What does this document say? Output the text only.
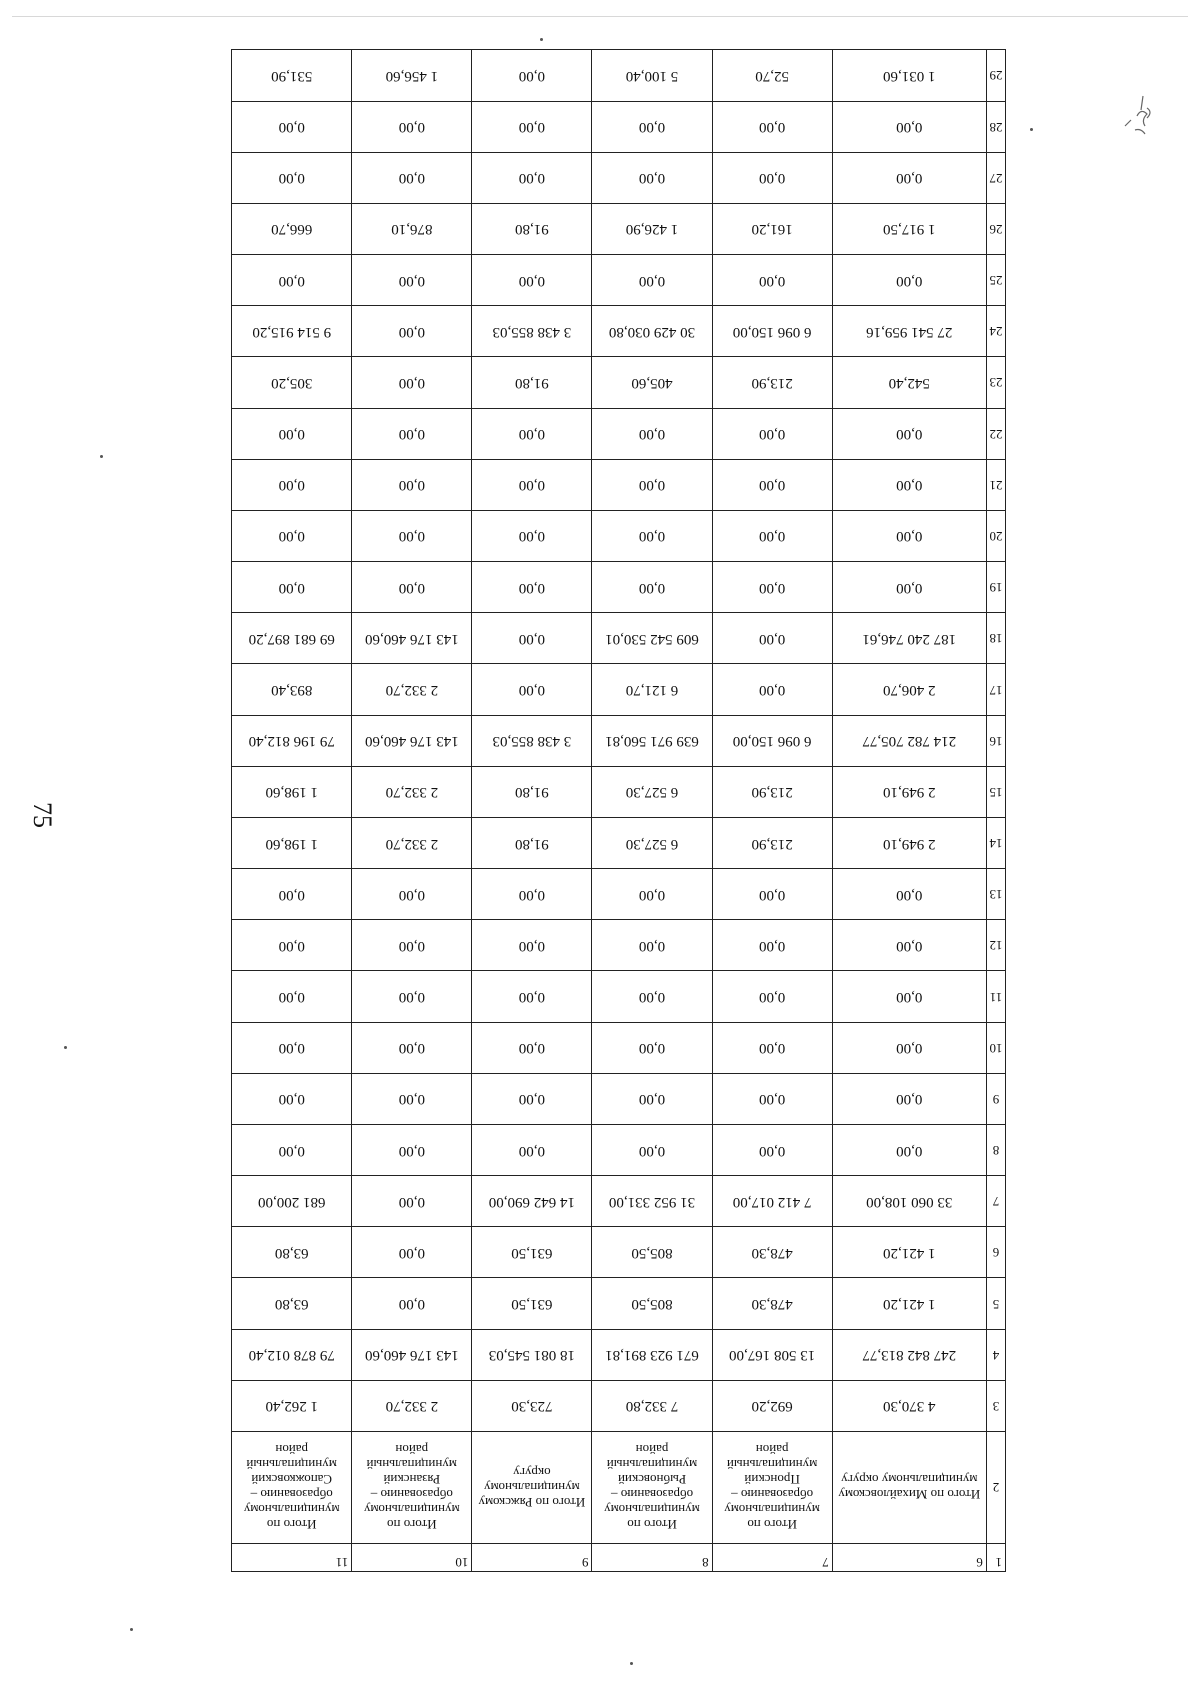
75
1	6	7	8	9	10	11
2	Итого по Михайловскому муниципальному округу	Итого по муниципальному образованию – Пронский муниципальный район	Итого по муниципальному образованию – Рыбновский муниципальный район	Итого по Ряжскому муниципальному округу	Итого по муниципальному образованию – Рязанский муниципальный район	Итого по муниципальному образованию – Сапожковский муниципальный район
3	4 370,30	692,20	7 332,80	723,30	2 332,70	1 262,40
4	247 842 813,77	13 508 167,00	671 923 891,81	18 081 545,03	143 176 460,60	79 878 012,40
5	1 421,20	478,30	805,50	631,50	0,00	63,80
6	1 421,20	478,30	805,50	631,50	0,00	63,80
7	33 060 108,00	7 412 017,00	31 952 331,00	14 642 690,00	0,00	681 200,00
8	0,00	0,00	0,00	0,00	0,00	0,00
9	0,00	0,00	0,00	0,00	0,00	0,00
10	0,00	0,00	0,00	0,00	0,00	0,00
11	0,00	0,00	0,00	0,00	0,00	0,00
12	0,00	0,00	0,00	0,00	0,00	0,00
13	0,00	0,00	0,00	0,00	0,00	0,00
14	2 949,10	213,90	6 527,30	91,80	2 332,70	1 198,60
15	2 949,10	213,90	6 527,30	91,80	2 332,70	1 198,60
16	214 782 705,77	6 096 150,00	639 971 560,81	3 438 855,03	143 176 460,60	79 196 812,40
17	2 406,70	0,00	6 121,70	0,00	2 332,70	893,40
18	187 240 746,61	0,00	609 542 530,01	0,00	143 176 460,60	69 681 897,20
19	0,00	0,00	0,00	0,00	0,00	0,00
20	0,00	0,00	0,00	0,00	0,00	0,00
21	0,00	0,00	0,00	0,00	0,00	0,00
22	0,00	0,00	0,00	0,00	0,00	0,00
23	542,40	213,90	405,60	91,80	0,00	305,20
24	27 541 959,16	6 096 150,00	30 429 030,80	3 438 855,03	0,00	9 514 915,20
25	0,00	0,00	0,00	0,00	0,00	0,00
26	1 917,50	161,20	1 426,90	91,80	876,10	666,70
27	0,00	0,00	0,00	0,00	0,00	0,00
28	0,00	0,00	0,00	0,00	0,00	0,00
29	1 031,60	52,70	5 100,40	0,00	1 456,60	531,90
